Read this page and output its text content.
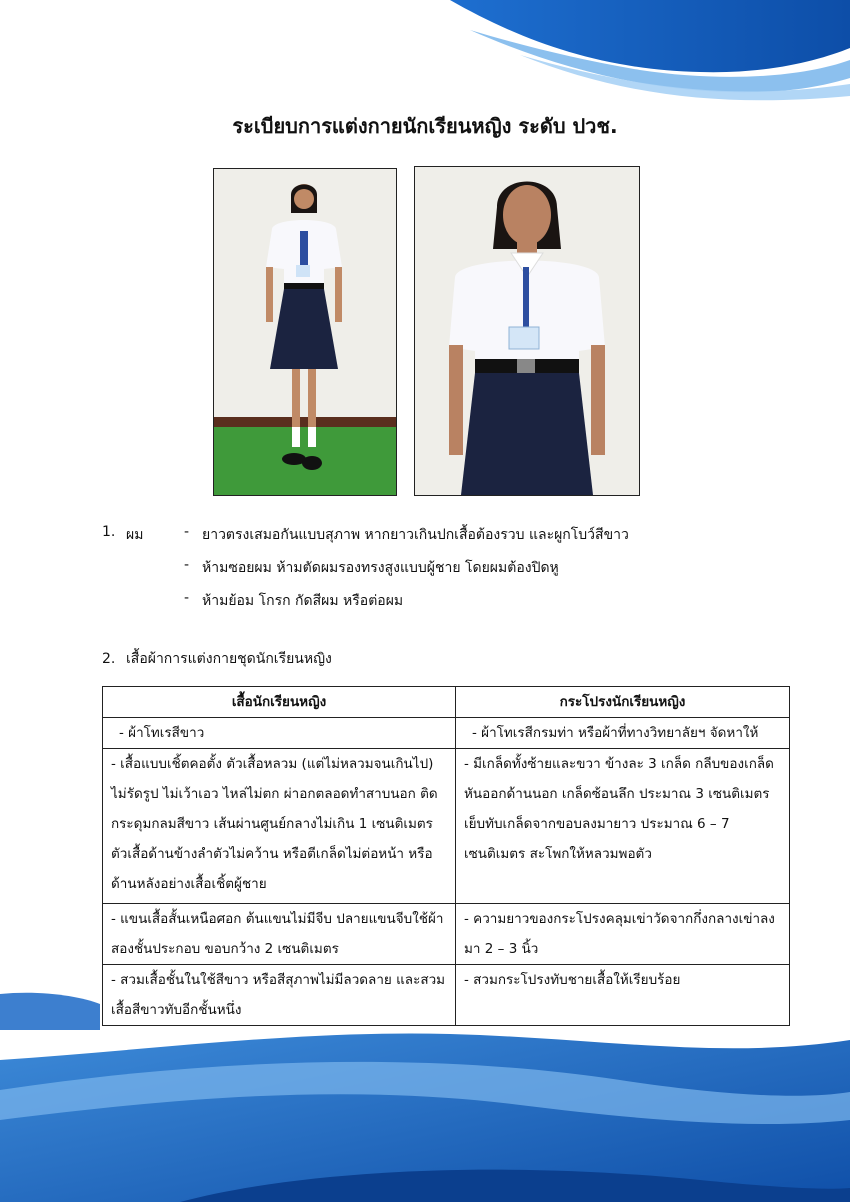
ระเบียบการแต่งกายนักเรียนหญิง ระดับ ปวช.
1. ผม	- ยาวตรงเสมอกันแบบสุภาพ หากยาวเกินปกเสื้อต้องรวบ และผูกโบว์สีขาว
- ห้ามซอยผม ห้ามตัดผมรองทรงสูงแบบผู้ชาย โดยผมต้องปิดหู
- ห้ามย้อม โกรก กัดสีผม หรือต่อผม
2. เสื้อผ้าการแต่งกายชุดนักเรียนหญิง
เสื้อนักเรียนหญิง	กระโปรงนักเรียนหญิง

- ผ้าโทเรสีขาว	- ผ้าโทเรสีกรมท่า หรือผ้าที่ทางวิทยาลัยฯ จัดหาให้

- เสื้อแบบเชิ้ตคอตั้ง ตัวเสื้อหลวม (แต่ไม่หลวมจนเกินไป) ไม่รัดรูป ไม่เว้าเอว ไหล่ไม่ตก ผ่าอกตลอดทำสาบนอก ติดกระดุมกลมสีขาว เส้นผ่านศูนย์กลางไม่เกิน 1 เซนติเมตร ตัวเสื้อด้านข้างลำตัวไม่คว้าน หรือตีเกล็ดไม่ต่อหน้า หรือด้านหลังอย่างเสื้อเชิ้ตผู้ชาย	- มีเกล็ดทั้งซ้ายและขวา ข้างละ 3 เกล็ด กลีบของเกล็ดหันออกด้านนอก เกล็ดซ้อนลึก ประมาณ 3 เซนติเมตร เย็บทับเกล็ดจากขอบลงมายาว ประมาณ 6 – 7 เซนติเมตร สะโพกให้หลวมพอตัว

- แขนเสื้อสั้นเหนือศอก ต้นแขนไม่มีจีบ ปลายแขนจีบใช้ผ้าสองชั้นประกอบ ขอบกว้าง 2 เซนติเมตร	- ความยาวของกระโปรงคลุมเข่าวัดจากกึ่งกลางเข่าลงมา 2 – 3 นิ้ว

- สวมเสื้อชั้นในใช้สีขาว หรือสีสุภาพไม่มีลวดลาย และสวมเสื้อสีขาวทับอีกชั้นหนึ่ง	- สวมกระโปรงทับชายเสื้อให้เรียบร้อย
